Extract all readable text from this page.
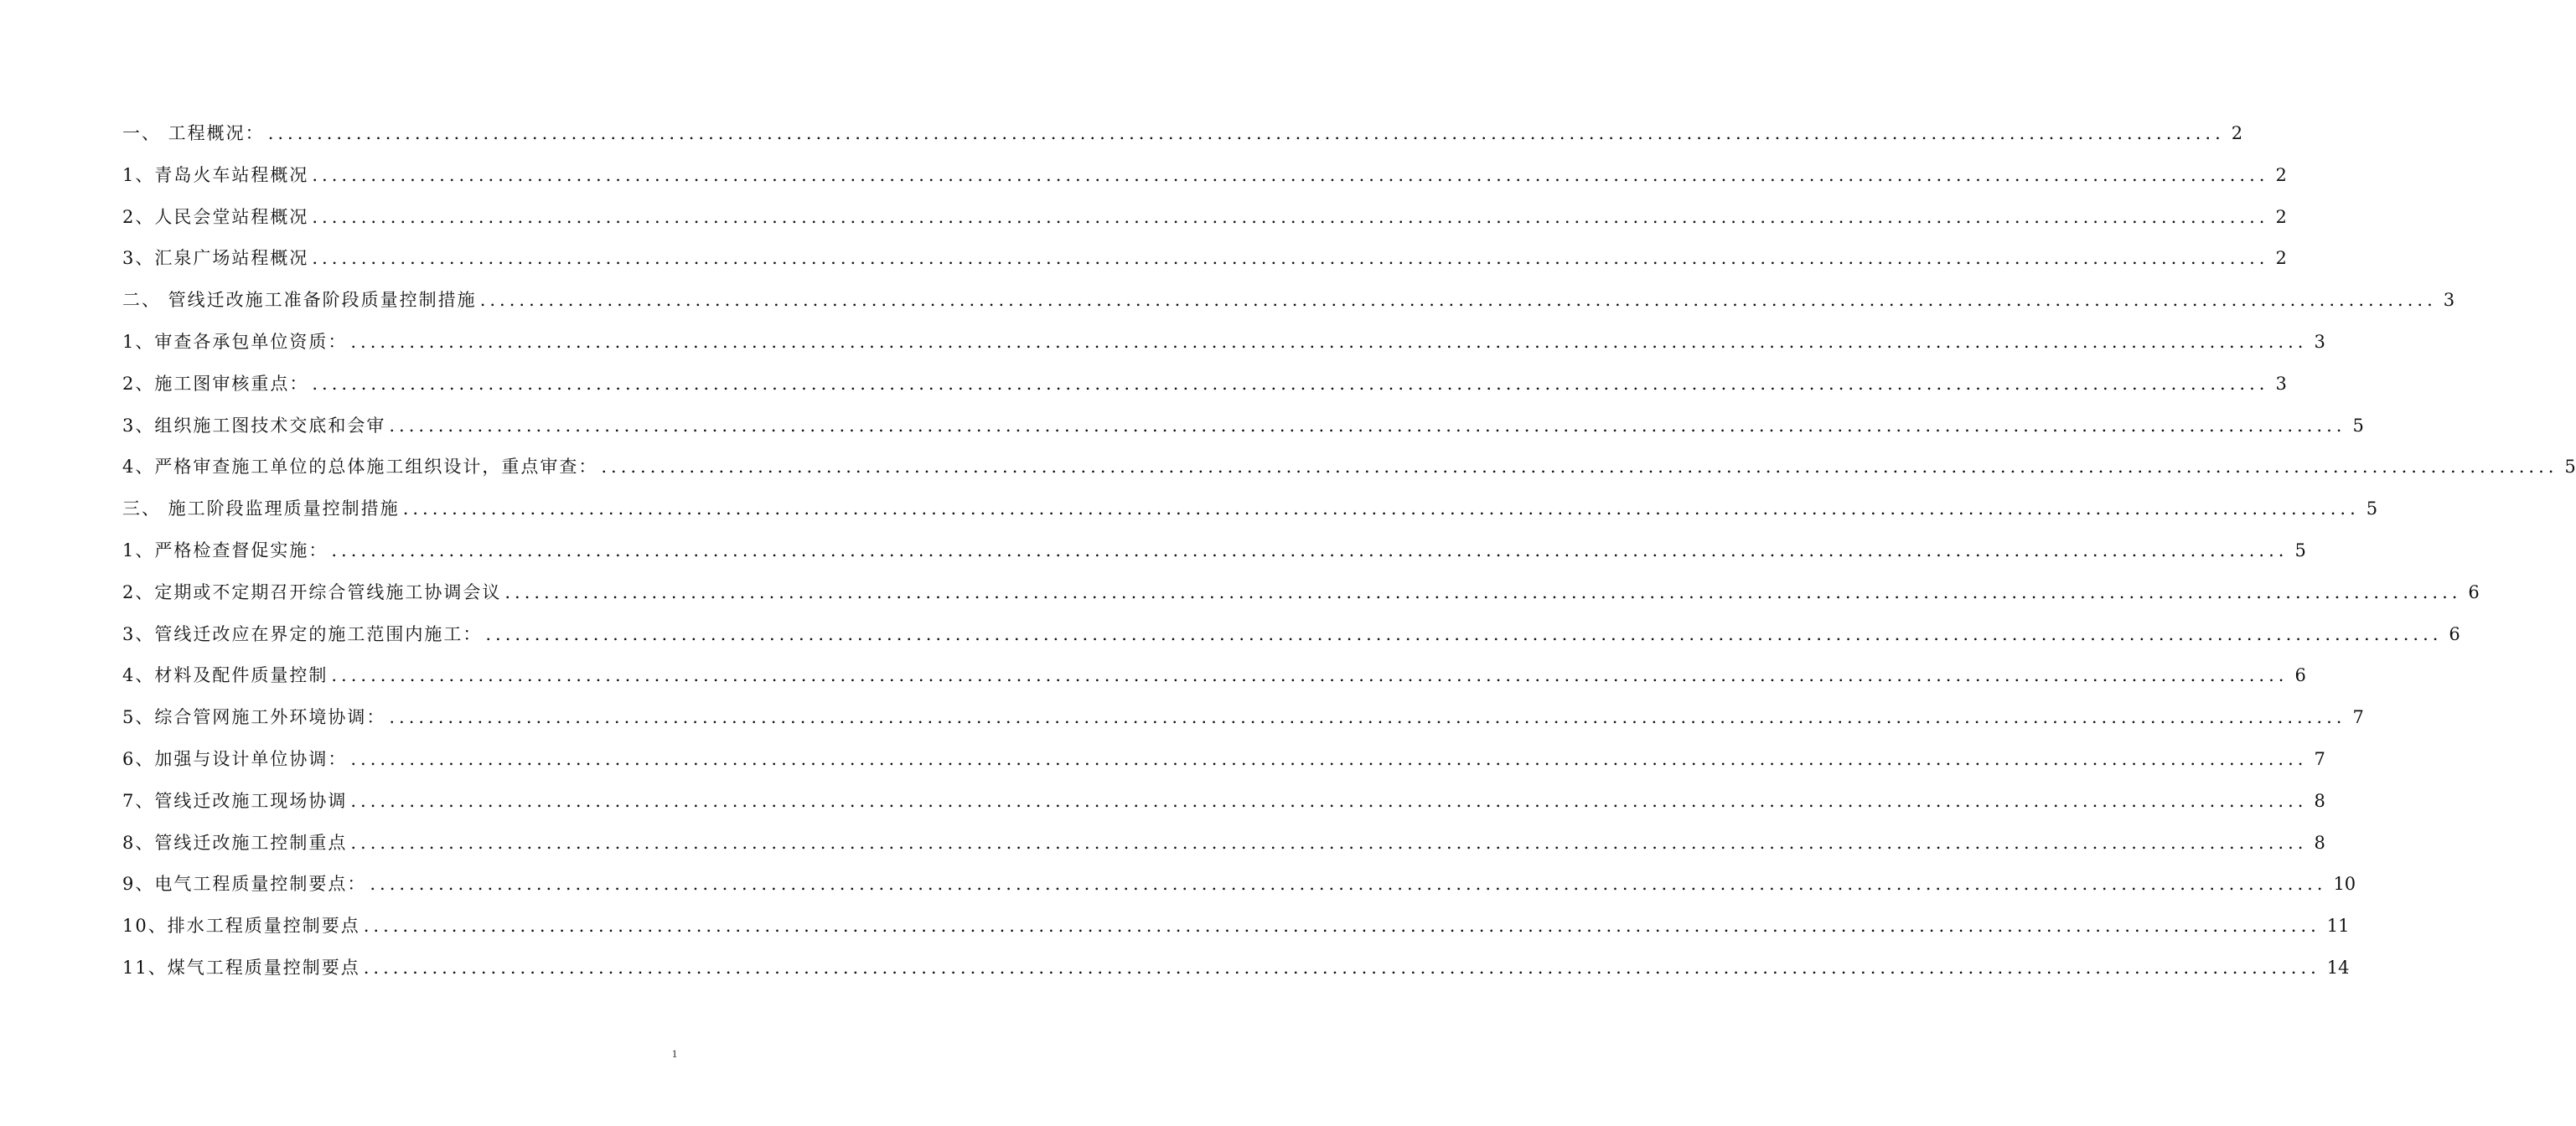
一、 工程概况： ........................................................................................................................................................................................................ 2
1、青岛火车站程概况 ........................................................................................................................................................................................................ 2
2、人民会堂站程概况 ........................................................................................................................................................................................................ 2
3、汇泉广场站程概况 ........................................................................................................................................................................................................ 2
二、 管线迁改施工准备阶段质量控制措施 ........................................................................................................................................................................................................ 3
1、审查各承包单位资质： ........................................................................................................................................................................................................ 3
2、施工图审核重点： ........................................................................................................................................................................................................ 3
3、组织施工图技术交底和会审 ........................................................................................................................................................................................................ 5
4、严格审查施工单位的总体施工组织设计，重点审查： ........................................................................................................................................................................................................ 5
三、 施工阶段监理质量控制措施 ........................................................................................................................................................................................................ 5
1、严格检查督促实施： ........................................................................................................................................................................................................ 5
2、定期或不定期召开综合管线施工协调会议 ........................................................................................................................................................................................................ 6
3、管线迁改应在界定的施工范围内施工： ........................................................................................................................................................................................................ 6
4、材料及配件质量控制 ........................................................................................................................................................................................................ 6
5、综合管网施工外环境协调： ........................................................................................................................................................................................................ 7
6、加强与设计单位协调： ........................................................................................................................................................................................................ 7
7、管线迁改施工现场协调 ........................................................................................................................................................................................................ 8
8、管线迁改施工控制重点 ........................................................................................................................................................................................................ 8
9、电气工程质量控制要点： ........................................................................................................................................................................................................ 10
10、排水工程质量控制要点 ........................................................................................................................................................................................................ 11
11、煤气工程质量控制要点 ........................................................................................................................................................................................................ 14
1
